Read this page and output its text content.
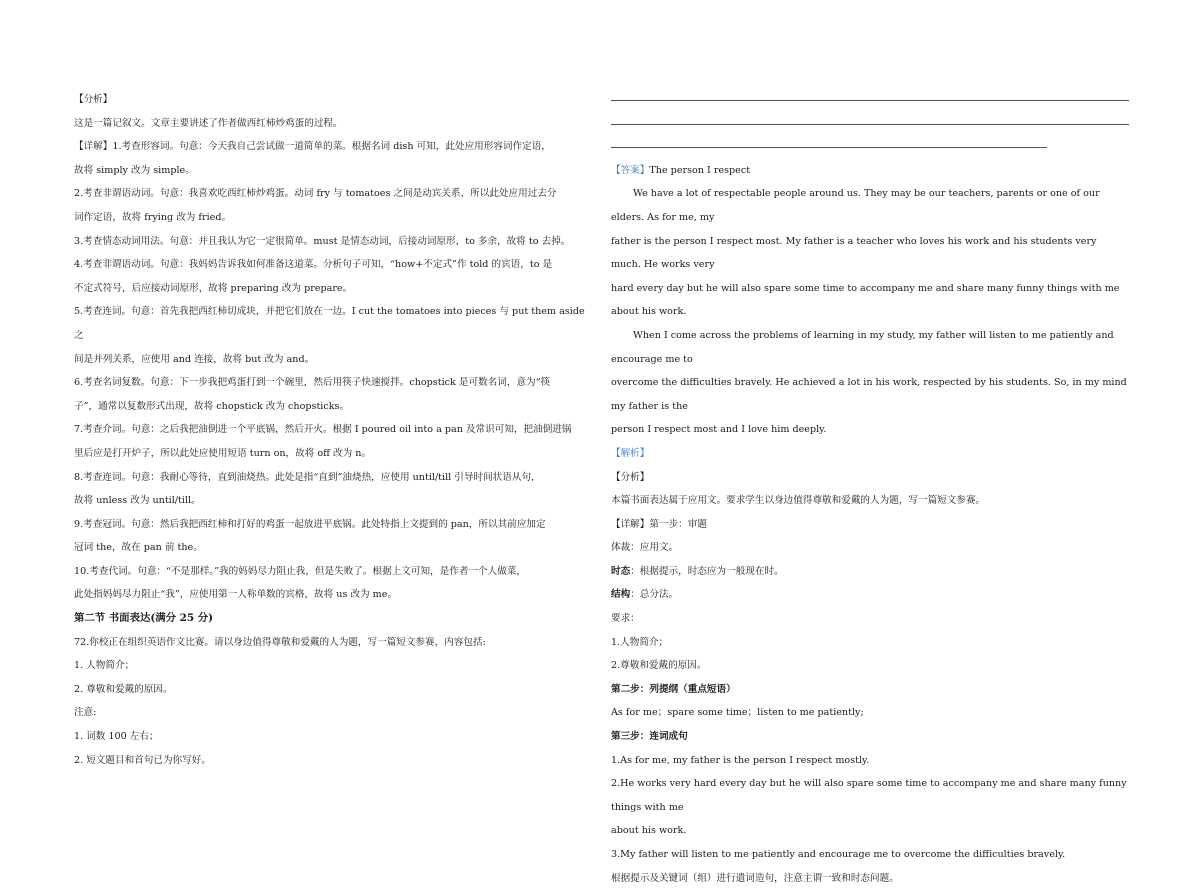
【分析】

这是一篇记叙文。文章主要讲述了作者做西红柿炒鸡蛋的过程。

【详解】1.考查形容词。句意：今天我自己尝试做一道简单的菜。根据名词 dish 可知，此处应用形容词作定语，

故将 simply 改为 simple。

2.考查非谓语动词。句意：我喜欢吃西红柿炒鸡蛋。动词 fry 与 tomatoes 之间是动宾关系，所以此处应用过去分

词作定语，故将 frying 改为 fried。

3.考查情态动词用法。句意：并且我认为它一定很简单。must 是情态动词，后接动词原形，to 多余，故将 to 去掉。

4.考查非谓语动词。句意：我妈妈告诉我如何准备这道菜。分析句子可知，“how+不定式”作 told 的宾语，to 是

不定式符号，后应接动词原形，故将 preparing 改为 prepare。

5.考查连词。句意：首先我把西红柿切成块，并把它们放在一边。I cut the tomatoes into pieces 与 put them aside 之

间是并列关系，应使用 and 连接，故将 but 改为 and。

6.考查名词复数。句意：下一步我把鸡蛋打到一个碗里，然后用筷子快速搅拌。chopstick 是可数名词，意为“筷

子”，通常以复数形式出现，故将 chopstick 改为 chopsticks。

7.考查介词。句意：之后我把油倒进一个平底锅，然后开火。根据 I poured oil into a pan 及常识可知，把油倒进锅

里后应是打开炉子，所以此处应使用短语 turn on，故将 off 改为 n。

8.考查连词。句意：我耐心等待，直到油烧热。此处是指“直到”油烧热，应使用 until/till 引导时间状语从句，

故将 unless 改为 until/till。

9.考查冠词。句意：然后我把西红柿和打好的鸡蛋一起放进平底锅。此处特指上文提到的 pan，所以其前应加定

冠词 the，故在 pan 前 the。

10.考查代词。句意：“不是那样。”我的妈妈尽力阻止我，但是失败了。根据上文可知，是作者一个人做菜，

此处指妈妈尽力阻止“我”，应使用第一人称单数的宾格，故将 us 改为 me。

第二节 书面表达(满分 25 分)

72.你校正在组织英语作文比赛。请以身边值得尊敬和爱戴的人为题，写一篇短文参赛，内容包括:

1. 人物简介；

2. 尊敬和爱戴的原因。

注意:

1. 词数 100 左右；

2. 短文题目和首句已为你写好。

【答案】The person I respect

We have a lot of respectable people around us. They may be our teachers, parents or one of our elders. As for me, my

father is the person I respect most. My father is a teacher who loves his work and his students very much. He works very

hard every day but he will also spare some time to accompany me and share many funny things with me about his work.

When I come across the problems of learning in my study, my father will listen to me patiently and encourage me to

overcome the difficulties bravely. He achieved a lot in his work, respected by his students. So, in my mind my father is the

person I respect most and I love him deeply.

【解析】

【分析】

本篇书面表达属于应用文。要求学生以身边值得尊敬和爱戴的人为题，写一篇短文参赛。

【详解】第一步：审题

体裁：应用文。

时态：根据提示，时态应为一般现在时。

结构：总分法。

要求：

1.人物简介；

2.尊敬和爱戴的原因。

第二步：列提纲（重点短语）

As for me；spare some time；listen to me patiently;

第三步：连词成句

1.As for me, my father is the person I respect mostly.

2.He works very hard every day but he will also spare some time to accompany me and share many funny things with me

about his work.

3.My father will listen to me patiently and encourage me to overcome the difficulties bravely.

根据提示及关键词（组）进行遣词造句，注意主谓一致和时态问题。
